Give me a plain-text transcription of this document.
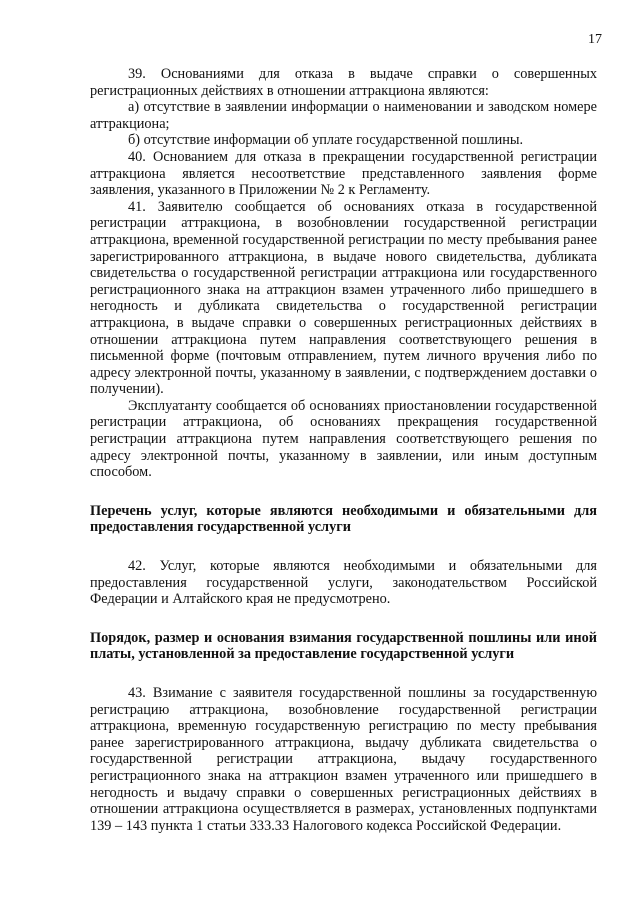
17

39. Основаниями для отказа в выдаче справки о совершенных регистрационных действиях в отношении аттракциона являются:

а) отсутствие в заявлении информации о наименовании и заводском номере аттракциона;

б) отсутствие информации об уплате государственной пошлины.

40. Основанием для отказа в прекращении государственной регистрации аттракциона является несоответствие представленного заявления форме заявления, указанного в Приложении № 2 к Регламенту.

41. Заявителю сообщается об основаниях отказа в государственной регистрации аттракциона, в возобновлении государственной регистрации аттракциона, временной государственной регистрации по месту пребывания ранее зарегистрированного аттракциона, в выдаче нового свидетельства, дубликата свидетельства о государственной регистрации аттракциона или государственного регистрационного знака на аттракцион взамен утраченного либо пришедшего в негодность и дубликата свидетельства о государственной регистрации аттракциона, в выдаче справки о совершенных регистрационных действиях в отношении аттракциона путем направления соответствующего решения в письменной форме (почтовым отправлением, путем личного вручения либо по адресу электронной почты, указанному в заявлении, с подтверждением доставки о получении).

Эксплуатанту сообщается об основаниях приостановлении государственной регистрации аттракциона, об основаниях прекращения государственной регистрации аттракциона путем направления соответствующего решения по адресу электронной почты, указанному в заявлении, или иным доступным способом.

Перечень услуг, которые являются необходимыми и обязательными для предоставления государственной услуги

42. Услуг, которые являются необходимыми и обязательными для предоставления государственной услуги, законодательством Российской Федерации и Алтайского края не предусмотрено.

Порядок, размер и основания взимания государственной пошлины или иной платы, установленной за предоставление государственной услуги

43. Взимание с заявителя государственной пошлины за государственную регистрацию аттракциона, возобновление государственной регистрации аттракциона, временную государственную регистрацию по месту пребывания ранее зарегистрированного аттракциона, выдачу дубликата свидетельства о государственной регистрации аттракциона, выдачу государственного регистрационного знака на аттракцион взамен утраченного или пришедшего в негодность и выдачу справки о совершенных регистрационных действиях в отношении аттракциона осуществляется в размерах, установленных подпунктами 139 – 143 пункта 1 статьи 333.33 Налогового кодекса Российской Федерации.
